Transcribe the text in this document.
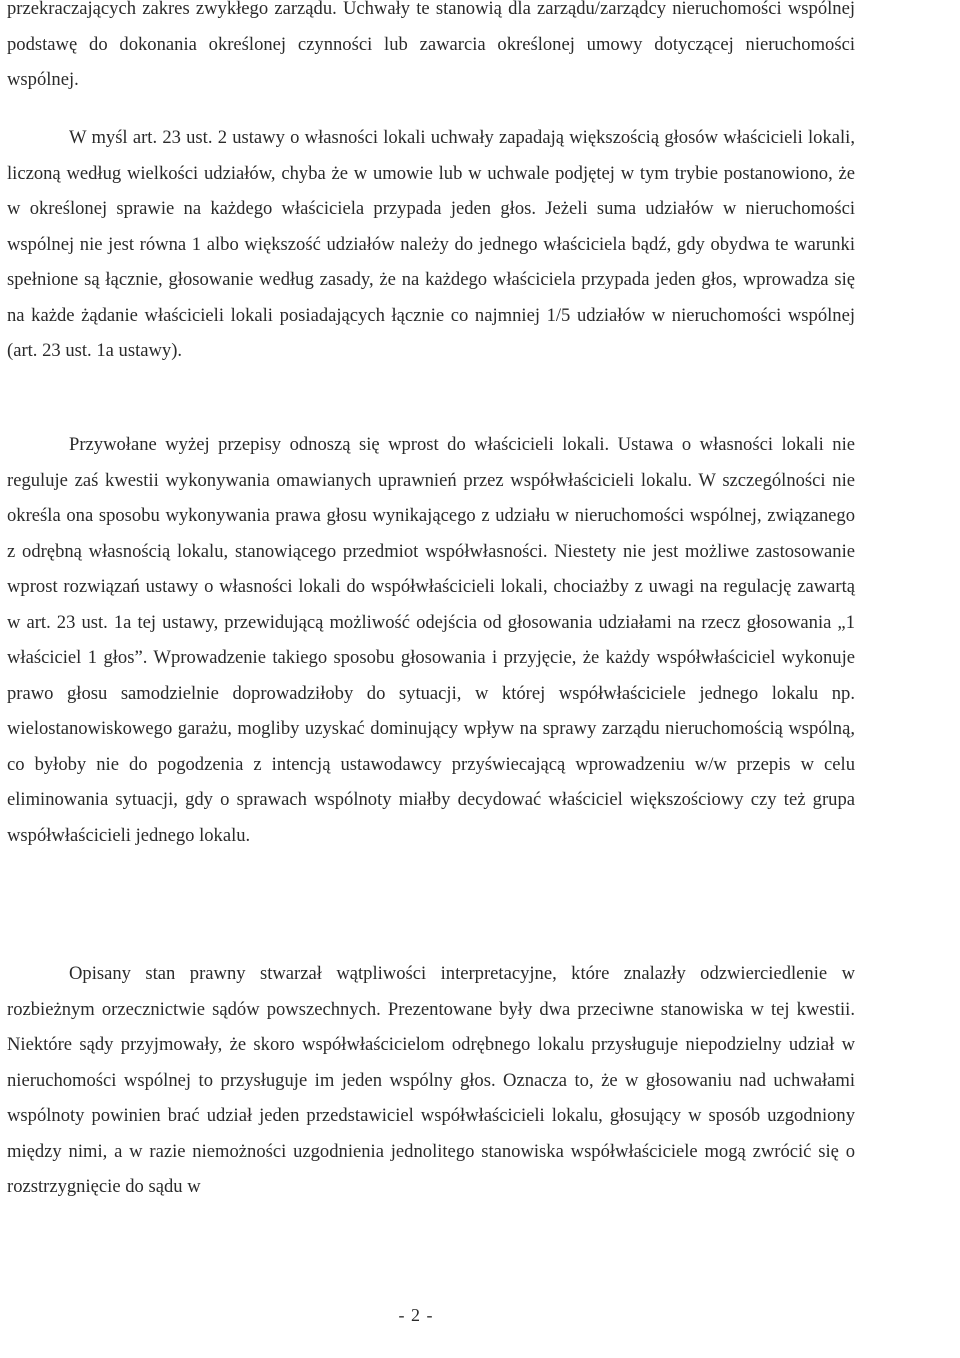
przekraczających zakres zwykłego zarządu. Uchwały te stanowią dla zarządu/zarządcy nieruchomości wspólnej podstawę do dokonania określonej czynności lub zawarcia określonej umowy dotyczącej nieruchomości wspólnej.

W myśl art. 23 ust. 2 ustawy o własności lokali uchwały zapadają większością głosów właścicieli lokali, liczoną według wielkości udziałów, chyba że w umowie lub w uchwale podjętej w tym trybie postanowiono, że w określonej sprawie na każdego właściciela przypada jeden głos. Jeżeli suma udziałów w nieruchomości wspólnej nie jest równa 1 albo większość udziałów należy do jednego właściciela bądź, gdy obydwa te warunki spełnione są łącznie, głosowanie według zasady, że na każdego właściciela przypada jeden głos, wprowadza się na każde żądanie właścicieli lokali posiadających łącznie co najmniej 1/5 udziałów w nieruchomości wspólnej (art. 23 ust. 1a ustawy).

Przywołane wyżej przepisy odnoszą się wprost do właścicieli lokali. Ustawa o własności lokali nie reguluje zaś kwestii wykonywania omawianych uprawnień przez współwłaścicieli lokalu. W szczególności nie określa ona sposobu wykonywania prawa głosu wynikającego z udziału w nieruchomości wspólnej, związanego z odrębną własnością lokalu, stanowiącego przedmiot współwłasności. Niestety nie jest możliwe zastosowanie wprost rozwiązań ustawy o własności lokali do współwłaścicieli lokali, chociażby z uwagi na regulację zawartą w art. 23 ust. 1a tej ustawy, przewidującą możliwość odejścia od głosowania udziałami na rzecz głosowania „1 właściciel 1 głos”. Wprowadzenie takiego sposobu głosowania i przyjęcie, że każdy współwłaściciel wykonuje prawo głosu samodzielnie doprowadziłoby do sytuacji, w której współwłaściciele jednego lokalu np. wielostanowiskowego garażu, mogliby uzyskać dominujący wpływ na sprawy zarządu nieruchomością wspólną, co byłoby nie do pogodzenia z intencją ustawodawcy przyświecającą wprowadzeniu w/w przepis w celu eliminowania sytuacji, gdy o sprawach wspólnoty miałby decydować właściciel większościowy czy też grupa współwłaścicieli jednego lokalu.

Opisany stan prawny stwarzał wątpliwości interpretacyjne, które znalazły odzwierciedlenie w rozbieżnym orzecznictwie sądów powszechnych. Prezentowane były dwa przeciwne stanowiska w tej kwestii. Niektóre sądy przyjmowały, że skoro współwłaścicielom odrębnego lokalu przysługuje niepodzielny udział w nieruchomości wspólnej to przysługuje im jeden wspólny głos. Oznacza to, że w głosowaniu nad uchwałami wspólnoty powinien brać udział jeden przedstawiciel współwłaścicieli lokalu, głosujący w sposób uzgodniony między nimi, a w razie niemożności uzgodnienia jednolitego stanowiska współwłaściciele mogą zwrócić się o rozstrzygnięcie do sądu w

- 2 -
